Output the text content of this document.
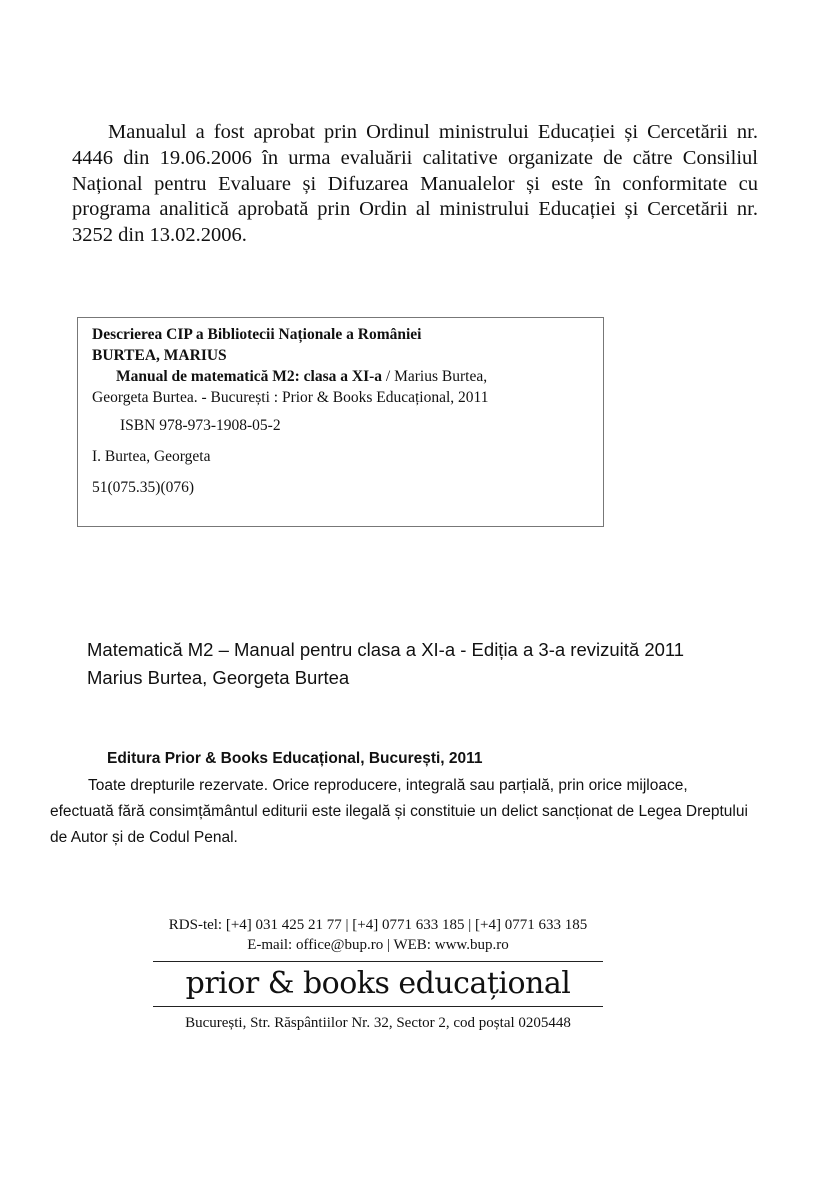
Manualul a fost aprobat prin Ordinul ministrului Educației și Cercetării nr. 4446 din 19.06.2006 în urma evaluării calitative organizate de către Consiliul Național pentru Evaluare și Difuzarea Manualelor și este în conformitate cu programa analitică aprobată prin Ordin al ministrului Educației și Cercetării nr. 3252 din 13.02.2006.

Descrierea CIP a Bibliotecii Naționale a României
BURTEA, MARIUS
Manual de matematică M2: clasa a XI-a / Marius Burtea,
Georgeta Burtea. - București : Prior & Books Educațional, 2011
ISBN 978-973-1908-05-2
I. Burtea, Georgeta
51(075.35)(076)
Matematică M2 – Manual pentru clasa a XI-a - Ediția a 3-a revizuită 2011
Marius Burtea, Georgeta Burtea
Editura Prior & Books Educațional, București, 2011

Toate drepturile rezervate. Orice reproducere, integrală sau parțială, prin orice mijloace, efectuată fără consimțământul editurii este ilegală și constituie un delict sancționat de Legea Dreptului de Autor și de Codul Penal.

RDS-tel: [+4] 031 425 21 77 | [+4] 0771 633 185 | [+4] 0771 633 185
E-mail: office@bup.ro | WEB: www.bup.ro
prior & books educațional
București, Str. Răspântiilor Nr. 32, Sector 2, cod poștal 0205448
